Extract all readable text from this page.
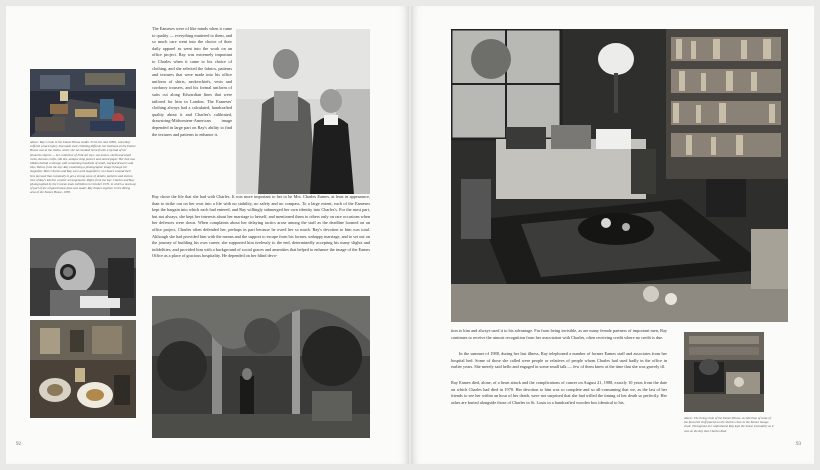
Above: Ray's room in the Eames House studio. From the mid 1960s, when Ray suffered a back injury that made stair climbing difficult, her bedroom at the Eames House was at the studio, where she surrounded herself with a myriad of her favourite objects — her collection of Folk Art toys, sea-stones, shells and small rocks, Korean crafts, silk ties, antique shop posters and stored paper. Her bed was hidden behind a storage wall containing hundreds of small, stacked drawers and bins. Below, from the top: Ray examining a photographic image through her magnifier. Both Charles and Ray were avid magnifiers; no chance around their lens pursued that constantly to get a strong sense of details, patterns and texture. One of Ray's kitchen counter arrangements. Right, from the top: Charles and Ray photographed by the Conran team exhibition in October 1970, in which a mock-up of part of the original house plan was made; Ray Eames together in the dining area of the Eames House, 1958.

The Eameses were of like minds when it came to quality — everything mattered to them, and so much care went into the choice of their daily apparel as went into the work on an office project. Ray was extremely important to Charles when it came to his choice of clothing, and she selected the fabrics, patterns and textures that were made into his office uniform of shirts, neckerchiefs, vests and corduroy trousers, and his formal uniform of suits cut along Edwardian lines that were tailored for him in London. The Eameses' clothing always had a calculated, handcrafted quality about it and Charles's calibrated, drawstring-Midwestern-American image depended in large part on Ray's ability to find the textures and patterns to enhance it.

Ray chose the life that she had with Charles. It was more important to her to be Mrs. Charles Eames, at least in appearance, than to strike out on her own into a life with no stability, no safety and no compass. To a large extent, each of the Eameses kept the bargain into which each had entered, and Ray willingly submerged her own identity into Charles's. For the most part, but not always, she kept her interests about her marriage to herself, and mentioned them to others only on rare occasions when her defences were down. When complaints about her delaying tactics arose among the staff as the deadline loomed on an office project, Charles often defended her, perhaps in part because he owed her so much. Ray's devotion to him was total. Although she had provided him with the means and the support to escape from his former, unhappy marriage, and to set out on the journey of building his own career, she supported him tirelessly to the end, determinedly accepting his many slights and infidelities, and provided him with a background of social graces and amenities that helped to enhance the image of the Eames Office as a place of gracious hospitality. He depended on her blind devo-

92

tion to him and always used it to his advantage. Far from being invisible, as are many female partners of important men, Ray continues to receive the utmost recognition from her association with Charles, often receiving credit where no credit is due.

In the summer of 1988, during her last illness, Ray telephoned a number of former Eames staff and associates from her hospital bed. Some of those she called were people or relatives of people whom Charles had used badly in the office in earlier years. She merely said hello and engaged in some small talk — few of them knew at the time that she was gravely ill.

Ray Eames died, alone, of a heart attack and the complications of cancer on August 21, 1988, exactly 10 years from the date on which Charles had died in 1978. Her devotion to him was so complete and so all-consuming that we, as the last of her friends to see her within an hour of her death, were not surprised that she had willed the timing of her death so perfectly. Her ashes are buried alongside those of Charles in St. Louis in a handcrafted wooden box identical to his.

Above: The living room of the Eames House. A collection of some of the favourite stuff placed on the shelves close to the Eames lounge chair. Throughout her widowhood, Ray kept the house essentially as it was on the day that Charles died.
93
